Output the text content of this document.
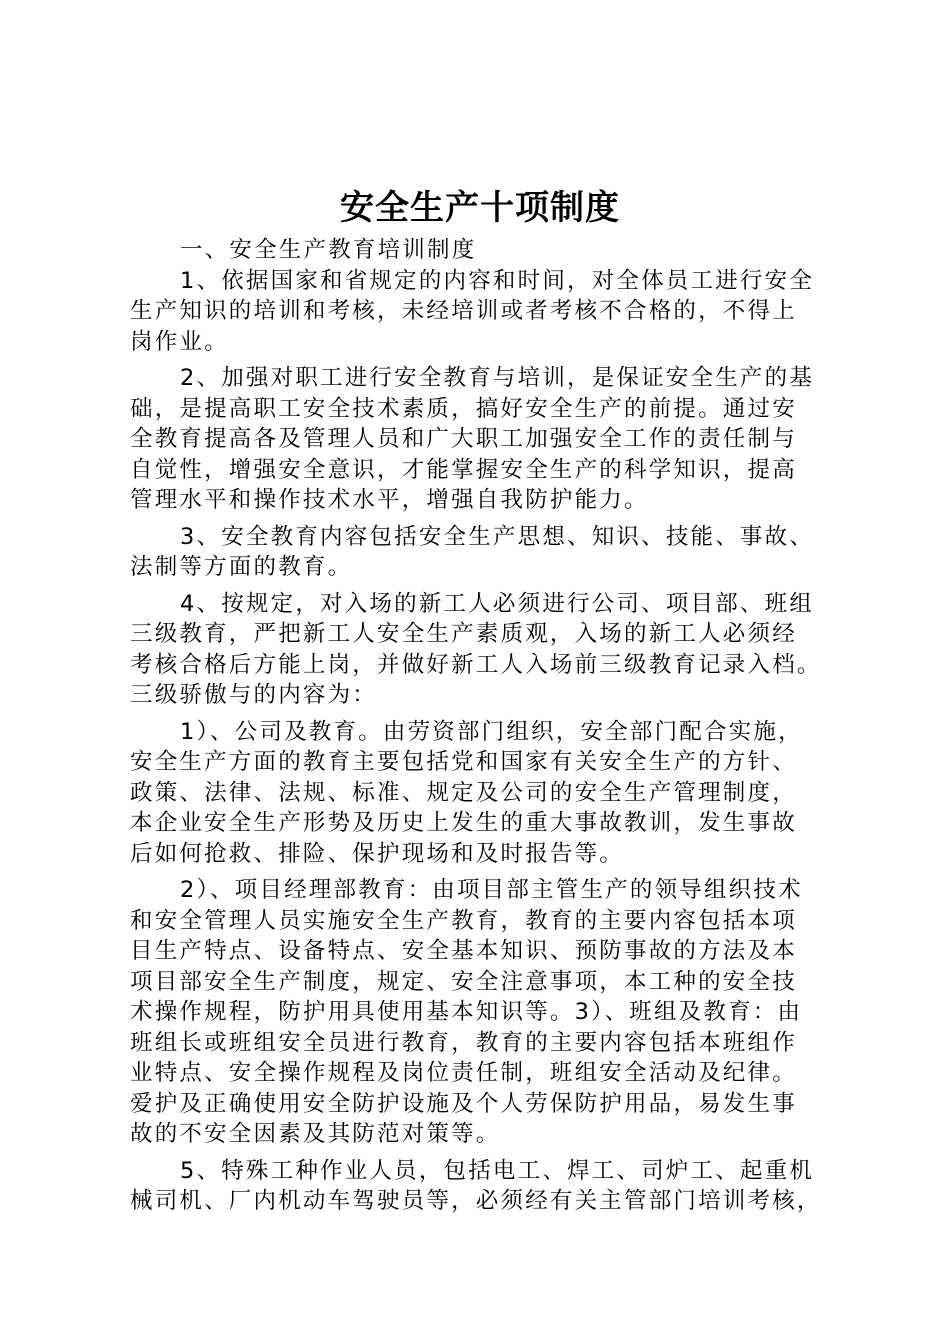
安全生产十项制度
一、安全生产教育培训制度
1、依据国家和省规定的内容和时间，对全体员工进行安全
生产知识的培训和考核，未经培训或者考核不合格的，不得上
岗作业。
2、加强对职工进行安全教育与培训，是保证安全生产的基
础，是提高职工安全技术素质，搞好安全生产的前提。通过安
全教育提高各及管理人员和广大职工加强安全工作的责任制与
自觉性，增强安全意识，才能掌握安全生产的科学知识，提高
管理水平和操作技术水平，增强自我防护能力。
3、安全教育内容包括安全生产思想、知识、技能、事故、
法制等方面的教育。
4、按规定，对入场的新工人必须进行公司、项目部、班组
三级教育，严把新工人安全生产素质观，入场的新工人必须经
考核合格后方能上岗，并做好新工人入场前三级教育记录入档。
三级骄傲与的内容为：
1）、公司及教育。由劳资部门组织，安全部门配合实施，
安全生产方面的教育主要包括党和国家有关安全生产的方针、
政策、法律、法规、标准、规定及公司的安全生产管理制度，
本企业安全生产形势及历史上发生的重大事故教训，发生事故
后如何抢救、排险、保护现场和及时报告等。
2）、项目经理部教育：由项目部主管生产的领导组织技术
和安全管理人员实施安全生产教育，教育的主要内容包括本项
目生产特点、设备特点、安全基本知识、预防事故的方法及本
项目部安全生产制度，规定、安全注意事项，本工种的安全技
术操作规程，防护用具使用基本知识等。3）、班组及教育：由
班组长或班组安全员进行教育，教育的主要内容包括本班组作
业特点、安全操作规程及岗位责任制，班组安全活动及纪律。
爱护及正确使用安全防护设施及个人劳保防护用品，易发生事
故的不安全因素及其防范对策等。
5、特殊工种作业人员，包括电工、焊工、司炉工、起重机
械司机、厂内机动车驾驶员等，必须经有关主管部门培训考核，
